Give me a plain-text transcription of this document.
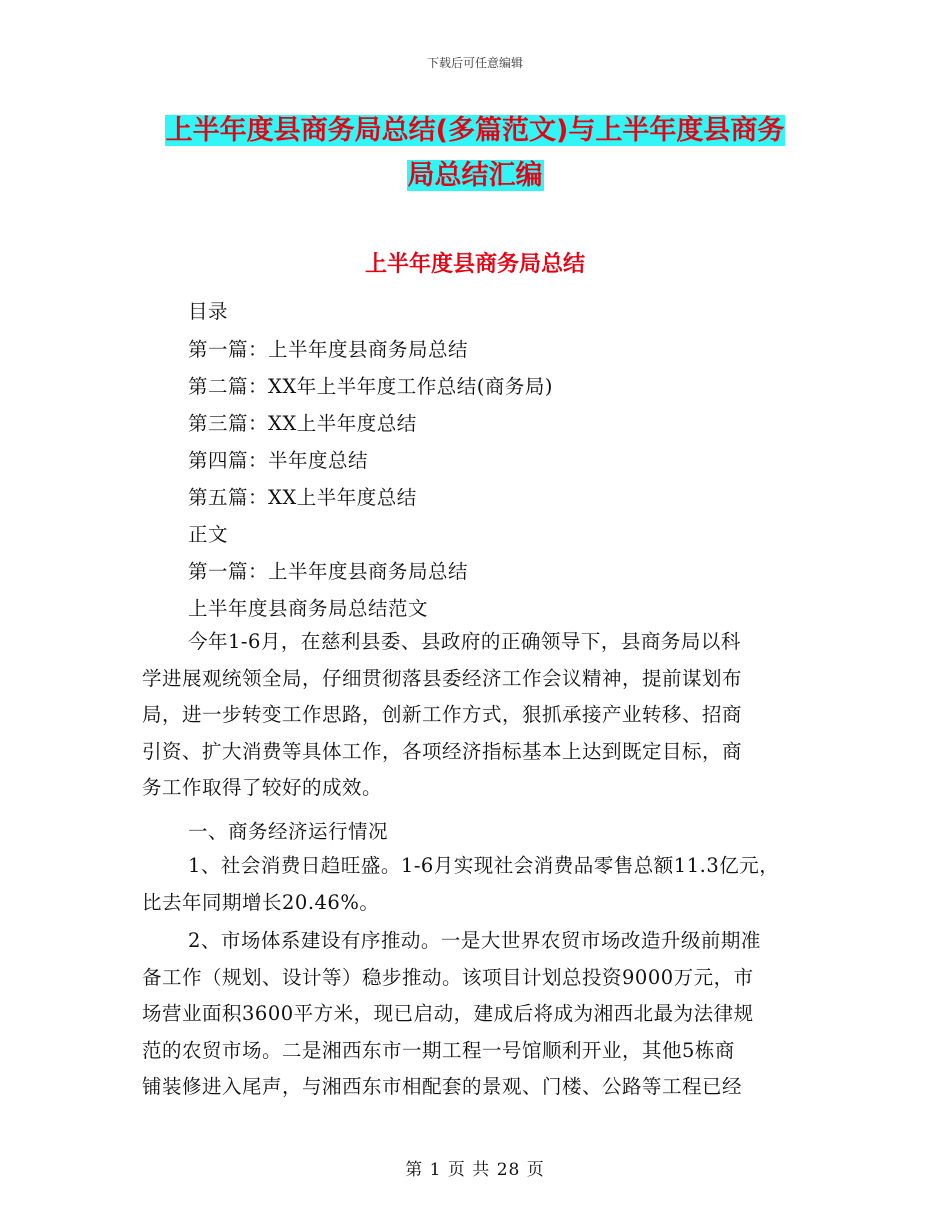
下载后可任意编辑
上半年度县商务局总结(多篇范文)与上半年度县商务
局总结汇编
上半年度县商务局总结
目录
第一篇：上半年度县商务局总结
第二篇：XX年上半年度工作总结(商务局)
第三篇：XX上半年度总结
第四篇：半年度总结
第五篇：XX上半年度总结
正文
第一篇：上半年度县商务局总结
上半年度县商务局总结范文
今年1-6月，在慈利县委、县政府的正确领导下，县商务局以科
学进展观统领全局，仔细贯彻落县委经济工作会议精神，提前谋划布
局，进一步转变工作思路，创新工作方式，狠抓承接产业转移、招商
引资、扩大消费等具体工作，各项经济指标基本上达到既定目标，商
务工作取得了较好的成效。
一、商务经济运行情况
1、社会消费日趋旺盛。1-6月实现社会消费品零售总额11.3亿元，
比去年同期增长20.46%。
2、市场体系建设有序推动。一是大世界农贸市场改造升级前期准
备工作（规划、设计等）稳步推动。该项目计划总投资9000万元，市
场营业面积3600平方米，现已启动，建成后将成为湘西北最为法律规
范的农贸市场。二是湘西东市一期工程一号馆顺利开业，其他5栋商
铺装修进入尾声，与湘西东市相配套的景观、门楼、公路等工程已经
第 1 页 共 28 页
